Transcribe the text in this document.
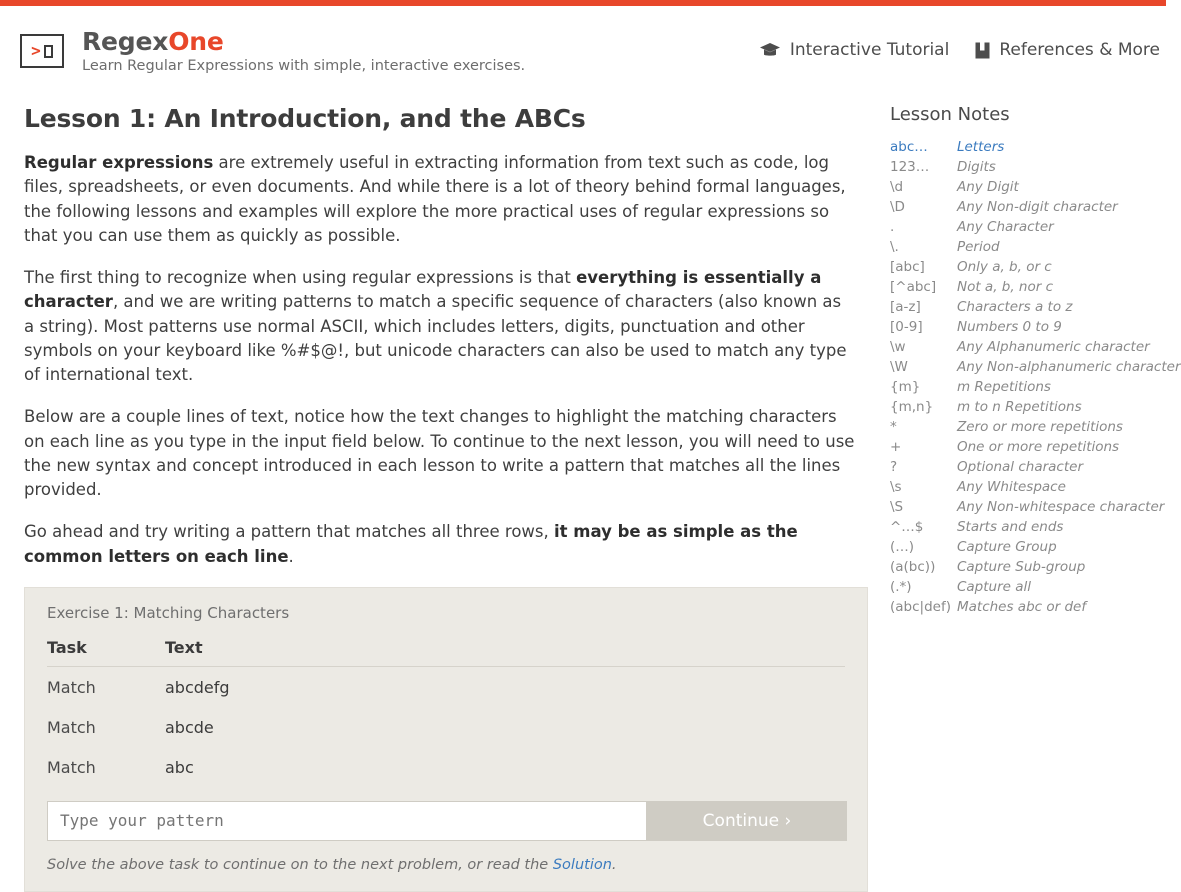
> RegexOne
Learn Regular Expressions with simple, interactive exercises.
Interactive Tutorial	References & More
Lesson 1: An Introduction, and the ABCs

Regular expressions are extremely useful in extracting information from text such as code, log files, spreadsheets, or even documents. And while there is a lot of theory behind formal languages, the following lessons and examples will explore the more practical uses of regular expressions so that you can use them as quickly as possible.

The first thing to recognize when using regular expressions is that everything is essentially a character, and we are writing patterns to match a specific sequence of characters (also known as a string). Most patterns use normal ASCII, which includes letters, digits, punctuation and other symbols on your keyboard like %#$@!, but unicode characters can also be used to match any type of international text.

Below are a couple lines of text, notice how the text changes to highlight the matching characters on each line as you type in the input field below. To continue to the next lesson, you will need to use the new syntax and concept introduced in each lesson to write a pattern that matches all the lines provided.

Go ahead and try writing a pattern that matches all three rows, it may be as simple as the common letters on each line.

Exercise 1: Matching Characters
Task	Text
Match	abcdefg
Match	abcde
Match	abc
Type your pattern
Continue ›
Solve the above task to continue on to the next problem, or read the Solution.
Lesson Notes
abc…	Letters
123…	Digits
\d	Any Digit
\D	Any Non-digit character
.	Any Character
\.	Period
[abc]	Only a, b, or c
[^abc]	Not a, b, nor c
[a-z]	Characters a to z
[0-9]	Numbers 0 to 9
\w	Any Alphanumeric character
\W	Any Non-alphanumeric character
{m}	m Repetitions
{m,n}	m to n Repetitions
*	Zero or more repetitions
+	One or more repetitions
?	Optional character
\s	Any Whitespace
\S	Any Non-whitespace character
^…$	Starts and ends
(…)	Capture Group
(a(bc))	Capture Sub-group
(.*)	Capture all
(abc|def)	Matches abc or def
